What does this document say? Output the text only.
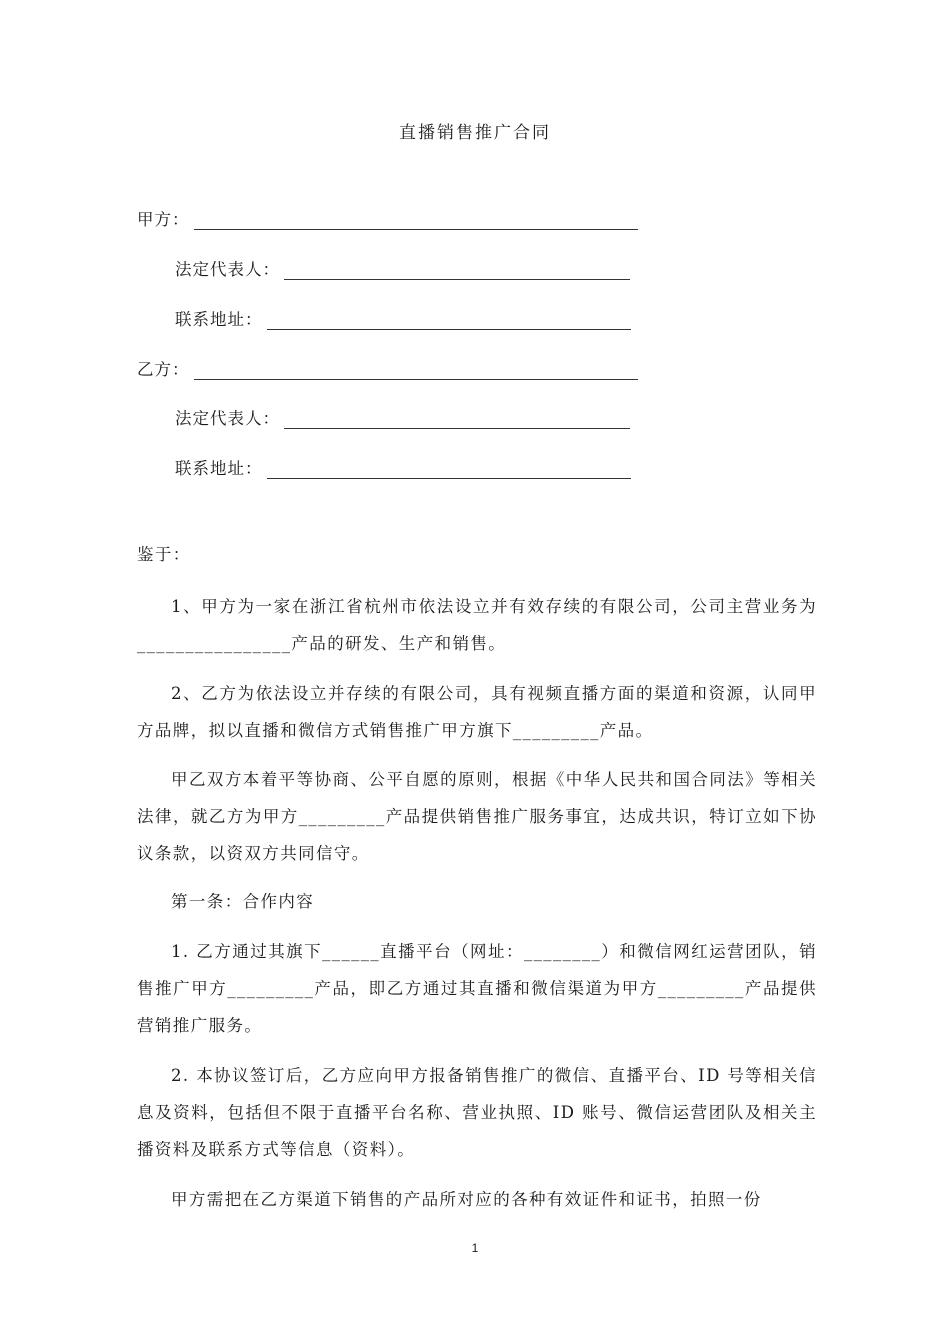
直播销售推广合同
甲方：
法定代表人：
联系地址：
乙方：
法定代表人：
联系地址：

鉴于：

1、甲方为一家在浙江省杭州市依法设立并有效存续的有限公司，公司主营业务为________________产品的研发、生产和销售。

2、乙方为依法设立并存续的有限公司，具有视频直播方面的渠道和资源，认同甲方品牌，拟以直播和微信方式销售推广甲方旗下_________产品。

甲乙双方本着平等协商、公平自愿的原则，根据《中华人民共和国合同法》等相关法律，就乙方为甲方_________产品提供销售推广服务事宜，达成共识，特订立如下协议条款，以资双方共同信守。

第一条：合作内容

1. 乙方通过其旗下______直播平台（网址：________）和微信网红运营团队，销售推广甲方_________产品，即乙方通过其直播和微信渠道为甲方_________产品提供营销推广服务。

2. 本协议签订后，乙方应向甲方报备销售推广的微信、直播平台、ID 号等相关信息及资料，包括但不限于直播平台名称、营业执照、ID 账号、微信运营团队及相关主播资料及联系方式等信息（资料）。

甲方需把在乙方渠道下销售的产品所对应的各种有效证件和证书，拍照一份

1
